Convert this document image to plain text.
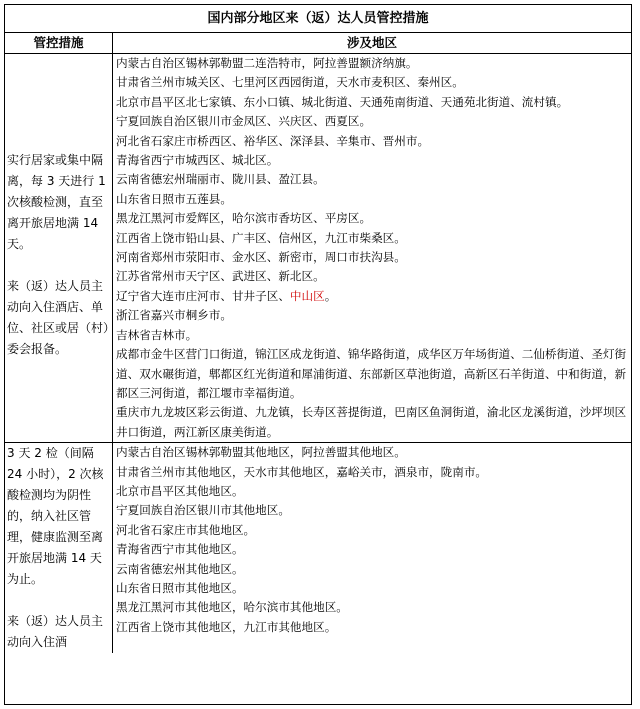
国内部分地区来（返）达人员管控措施
管控措施	涉及地区

实行居家或集中隔离，每 3 天进行 1 次核酸检测，直至离开旅居地满 14 天。

来（返）达人员主动向入住酒店、单位、社区或居（村）委会报备。

内蒙古自治区锡林郭勒盟二连浩特市，阿拉善盟额济纳旗。
甘肃省兰州市城关区、七里河区西园街道，天水市麦积区、秦州区。
北京市昌平区北七家镇、东小口镇、城北街道、天通苑南街道、天通苑北街道、流村镇。
宁夏回族自治区银川市金凤区、兴庆区、西夏区。
河北省石家庄市桥西区、裕华区、深泽县、辛集市、晋州市。
青海省西宁市城西区、城北区。
云南省德宏州瑞丽市、陇川县、盈江县。
山东省日照市五莲县。
黑龙江黑河市爱辉区，哈尔滨市香坊区、平房区。
江西省上饶市铅山县、广丰区、信州区，九江市柴桑区。
河南省郑州市荥阳市、金水区、新密市，周口市扶沟县。
江苏省常州市天宁区、武进区、新北区。
辽宁省大连市庄河市、甘井子区、中山区。
浙江省嘉兴市桐乡市。
吉林省吉林市。
成都市金牛区营门口街道，锦江区成龙街道、锦华路街道，成华区万年场街道、二仙桥街道、圣灯街道、双水碾街道，郫都区红光街道和犀浦街道、东部新区草池街道，高新区石羊街道、中和街道，新都区三河街道，都江堰市幸福街道。
重庆市九龙坡区彩云街道、九龙镇，长寿区菩提街道，巴南区鱼洞街道，渝北区龙溪街道，沙坪坝区井口街道，两江新区康美街道。

3 天 2 检（间隔 24 小时），2 次核酸检测均为阴性的，纳入社区管理，健康监测至离开旅居地满 14 天为止。

来（返）达人员主动向入住酒

内蒙古自治区锡林郭勒盟其他地区，阿拉善盟其他地区。
甘肃省兰州市其他地区，天水市其他地区，嘉峪关市，酒泉市，陇南市。
北京市昌平区其他地区。
宁夏回族自治区银川市其他地区。
河北省石家庄市其他地区。
青海省西宁市其他地区。
云南省德宏州其他地区。
山东省日照市其他地区。
黑龙江黑河市其他地区，哈尔滨市其他地区。
江西省上饶市其他地区，九江市其他地区。
